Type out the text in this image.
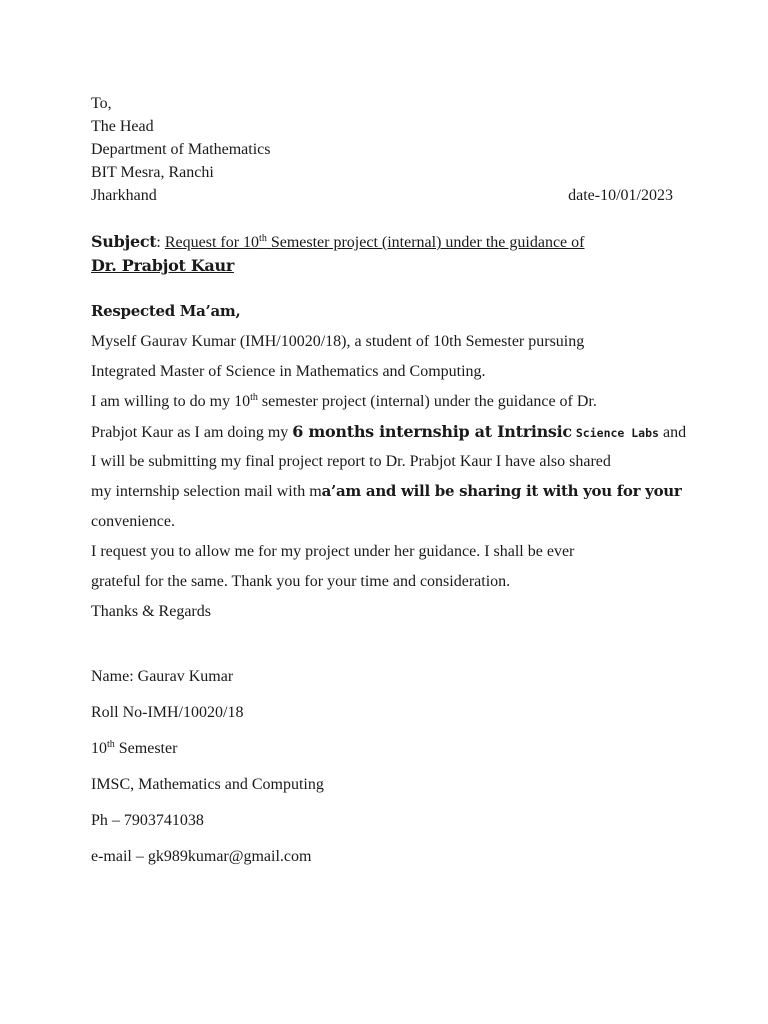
To,
The Head
Department of Mathematics
BIT Mesra, Ranchi
Jharkhand	date-10/01/2023
Subject: Request for 10th Semester project (internal) under the guidance of
Dr. Prabjot Kaur
Respected Ma’am,
Myself Gaurav Kumar (IMH/10020/18), a student of 10th Semester pursuing
Integrated Master of Science in Mathematics and Computing.
I am willing to do my 10th semester project (internal) under the guidance of Dr.
Prabjot Kaur as I am doing my 6 months internship at Intrinsic Science Labs and
I will be submitting my final project report to Dr. Prabjot Kaur I have also shared
my internship selection mail with ma’am and will be sharing it with you for your
convenience.
I request you to allow me for my project under her guidance. I shall be ever
grateful for the same. Thank you for your time and consideration.
Thanks & Regards
Name: Gaurav Kumar
Roll No-IMH/10020/18
10th Semester
IMSC, Mathematics and Computing
Ph – 7903741038
e-mail – gk989kumar@gmail.com
